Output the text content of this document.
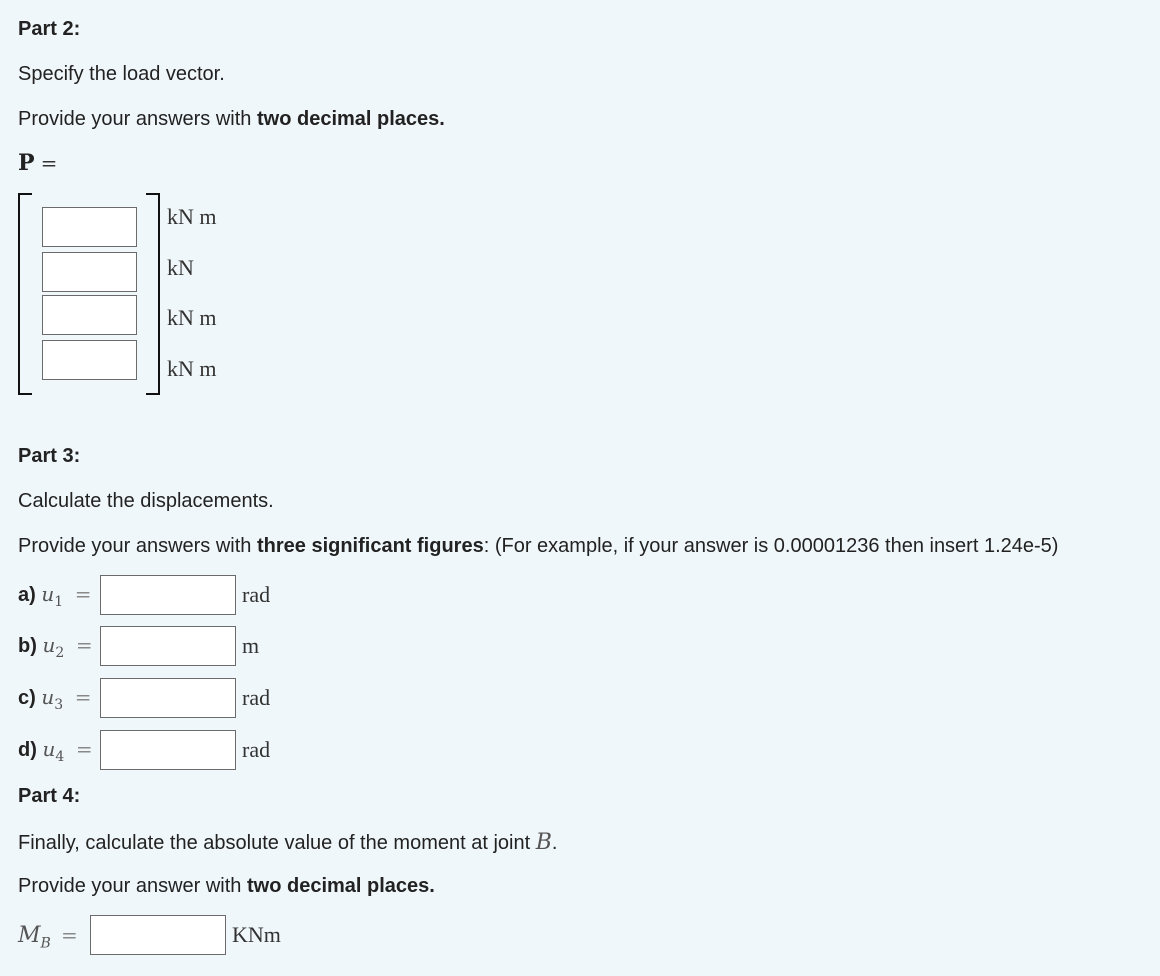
Part 2:
Specify the load vector.
Provide your answers with two decimal places.
P =
kN m
kN
kN m
kN m
Part 3:
Calculate the displacements.
Provide your answers with three significant figures: (For example, if your answer is 0.00001236 then insert 1.24e-5)
a) $u_1$ =	rad
b) $u_2$ =	m
c) $u_3$ =	rad
d) $u_4$ =	rad
Part 4:
Finally, calculate the absolute value of the moment at joint B.
Provide your answer with two decimal places.
$M_B$ =	KNm
